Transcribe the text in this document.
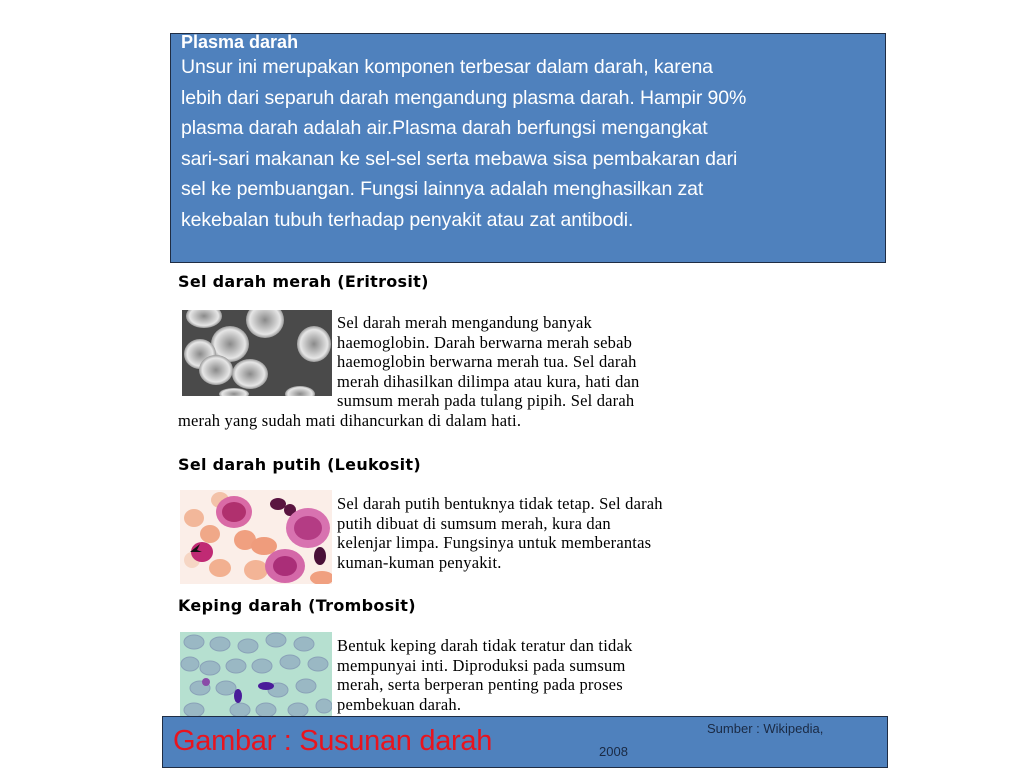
Plasma darah
Unsur ini merupakan komponen terbesar dalam darah, karena
lebih dari separuh darah mengandung plasma darah. Hampir 90%
plasma darah adalah air.Plasma darah berfungsi mengangkat
sari-sari makanan ke sel-sel serta mebawa sisa pembakaran dari
sel ke pembuangan. Fungsi lainnya adalah menghasilkan zat
kekebalan tubuh terhadap penyakit atau zat antibodi.
Sel darah merah (Eritrosit)
Sel darah merah mengandung banyak
haemoglobin. Darah berwarna merah sebab
haemoglobin berwarna merah tua. Sel darah
merah dihasilkan dilimpa atau kura, hati dan
sumsum merah pada tulang pipih. Sel darah
merah yang sudah mati dihancurkan di dalam hati.
Sel darah putih (Leukosit)
Sel darah putih bentuknya tidak tetap. Sel darah
putih dibuat di sumsum merah, kura dan
kelenjar limpa. Fungsinya untuk memberantas
kuman-kuman penyakit.
Keping darah (Trombosit)
Bentuk keping darah tidak teratur dan tidak
mempunyai inti. Diproduksi pada sumsum
merah, serta berperan penting pada proses
pembekuan darah.
Gambar : Susunan darah	Sumber : Wikipedia,
2008
